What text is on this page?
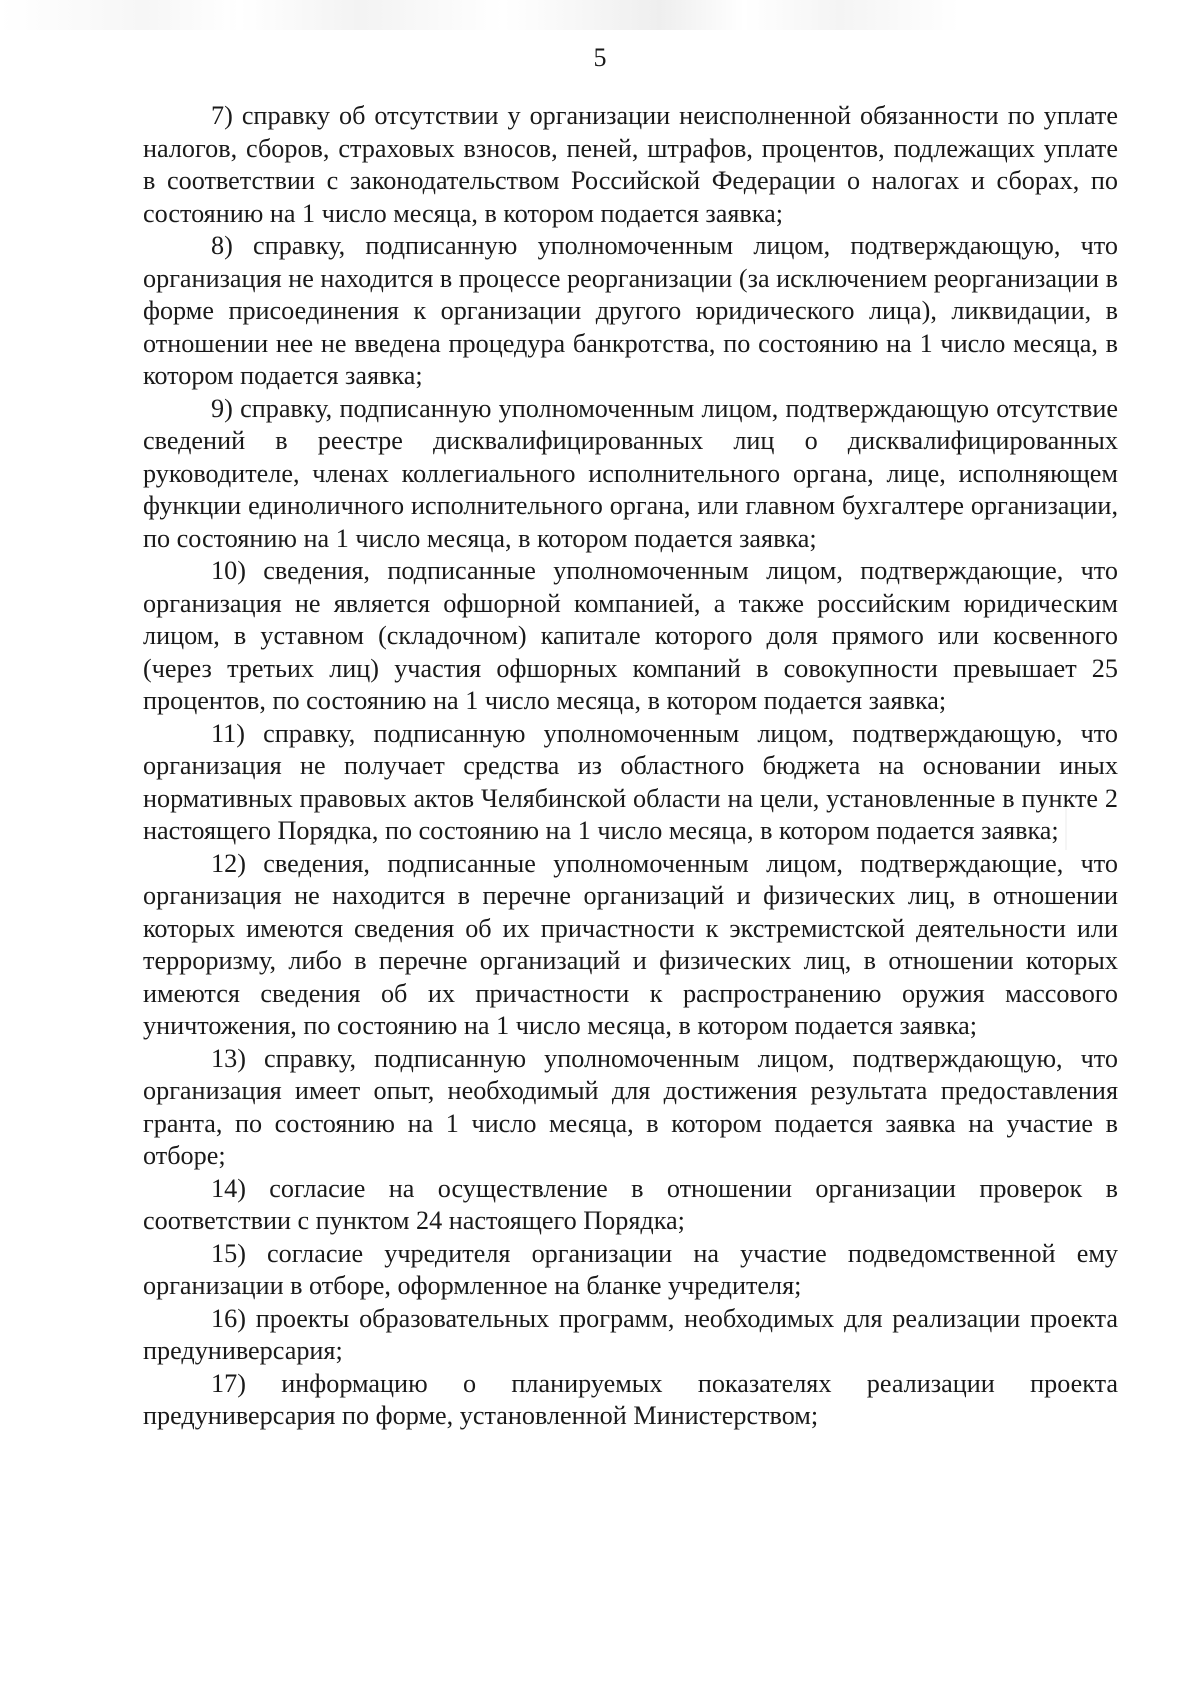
5

7) справку об отсутствии у организации неисполненной обязанности по уплате налогов, сборов, страховых взносов, пеней, штрафов, процентов, подлежащих уплате в соответствии с законодательством Российской Федерации о налогах и сборах, по состоянию на 1 число месяца, в котором подается заявка;

8) справку, подписанную уполномоченным лицом, подтверждающую, что организация не находится в процессе реорганизации (за исключением реорганизации в форме присоединения к организации другого юридического лица), ликвидации, в отношении нее не введена процедура банкротства, по состоянию на 1 число месяца, в котором подается заявка;

9) справку, подписанную уполномоченным лицом, подтверждающую отсутствие сведений в реестре дисквалифицированных лиц о дисквалифицированных руководителе, членах коллегиального исполнительного органа, лице, исполняющем функции единоличного исполнительного органа, или главном бухгалтере организации, по состоянию на 1 число месяца, в котором подается заявка;

10) сведения, подписанные уполномоченным лицом, подтверждающие, что организация не является офшорной компанией, а также российским юридическим лицом, в уставном (складочном) капитале которого доля прямого или косвенного (через третьих лиц) участия офшорных компаний в совокупности превышает 25 процентов, по состоянию на 1 число месяца, в котором подается заявка;

11) справку, подписанную уполномоченным лицом, подтверждающую, что организация не получает средства из областного бюджета на основании иных нормативных правовых актов Челябинской области на цели, установленные в пункте 2 настоящего Порядка, по состоянию на 1 число месяца, в котором подается заявка;

12) сведения, подписанные уполномоченным лицом, подтверждающие, что организация не находится в перечне организаций и физических лиц, в отношении которых имеются сведения об их причастности к экстремистской деятельности или терроризму, либо в перечне организаций и физических лиц, в отношении которых имеются сведения об их причастности к распространению оружия массового уничтожения, по состоянию на 1 число месяца, в котором подается заявка;

13) справку, подписанную уполномоченным лицом, подтверждающую, что организация имеет опыт, необходимый для достижения результата предоставления гранта, по состоянию на 1 число месяца, в котором подается заявка на участие в отборе;

14) согласие на осуществление в отношении организации проверок в соответствии с пунктом 24 настоящего Порядка;

15) согласие учредителя организации на участие подведомственной ему организации в отборе, оформленное на бланке учредителя;

16) проекты образовательных программ, необходимых для реализации проекта предуниверсария;

17) информацию о планируемых показателях реализации проекта предуниверсария по форме, установленной Министерством;
